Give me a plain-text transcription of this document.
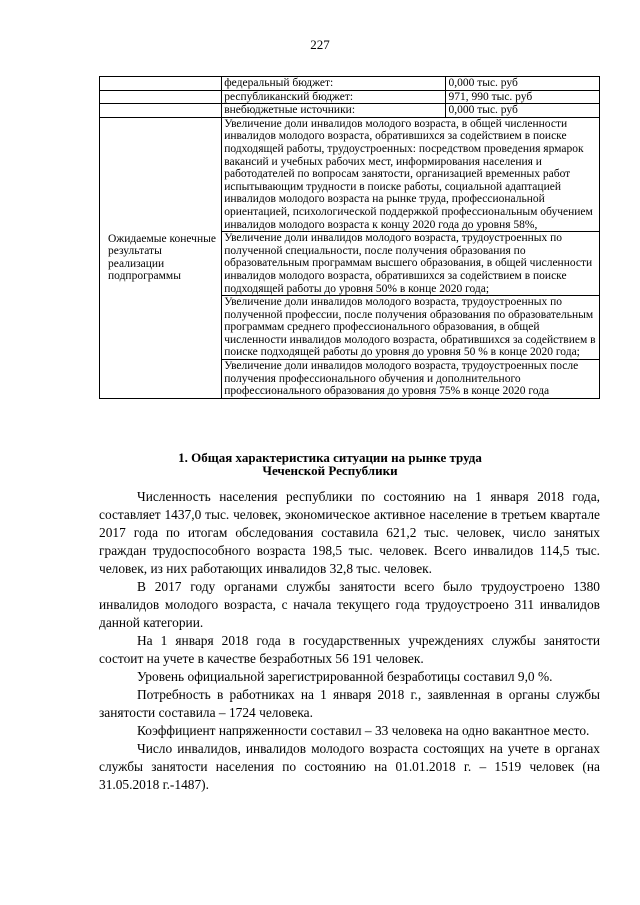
227
	федеральный бюджет:	0,000 тыс. руб
	республиканский бюджет:	971, 990 тыс. руб
	внебюджетные источники:	0,000 тыс. руб
Ожидаемые конечные результаты реализации подпрограммы	Увеличение доли инвалидов молодого возраста, в общей численности инвалидов молодого возраста, обратившихся за содействием в поиске подходящей работы, трудоустроенных: посредством проведения ярмарок вакансий и учебных рабочих мест, информирования населения и работодателей по вопросам занятости, организацией временных работ испытывающим трудности в поиске работы, социальной адаптацией инвалидов молодого возраста на рынке труда, профессиональной ориентацией, психологической поддержкой профессиональным обучением инвалидов молодого возраста к концу 2020 года до уровня 58%,	
	Увеличение доли инвалидов молодого возраста, трудоустроенных по полученной специальности, после получения образования по образовательным программам высшего образования, в общей численности инвалидов молодого возраста, обратившихся за содействием в поиске подходящей работы до уровня 50% в конце 2020 года;	
	Увеличение доли инвалидов молодого возраста, трудоустроенных по полученной профессии, после получения образования по образовательным программам среднего профессионального образования, в общей численности инвалидов молодого возраста, обратившихся за содействием в поиске подходящей работы до уровня до уровня 50 % в конце 2020 года;	
	Увеличение доли инвалидов молодого возраста, трудоустроенных после получения профессионального обучения и дополнительного профессионального образования до уровня 75% в конце 2020 года	
1. Общая характеристика ситуации на рынке труда
Чеченской Республики

Численность населения республики по состоянию на 1 января 2018 года, составляет 1437,0 тыс. человек, экономическое активное население в третьем квартале 2017 года по итогам обследования составила 621,2 тыс. человек, число занятых граждан трудоспособного возраста 198,5 тыс. человек. Всего инвалидов 114,5 тыс. человек, из них работающих инвалидов 32,8 тыс. человек.

В 2017 году органами службы занятости всего было трудоустроено 1380 инвалидов молодого возраста, с начала текущего года трудоустроено 311 инвалидов данной категории.

На 1 января 2018 года в государственных учреждениях службы занятости состоит на учете в качестве безработных 56 191 человек.

Уровень официальной зарегистрированной безработицы составил 9,0 %.

Потребность в работниках на 1 января 2018 г., заявленная в органы службы занятости составила – 1724 человека.

Коэффициент напряженности составил – 33 человека на одно вакантное место.

Число инвалидов, инвалидов молодого возраста состоящих на учете в органах службы занятости населения по состоянию на 01.01.2018 г. – 1519 человек (на 31.05.2018 г.-1487).
